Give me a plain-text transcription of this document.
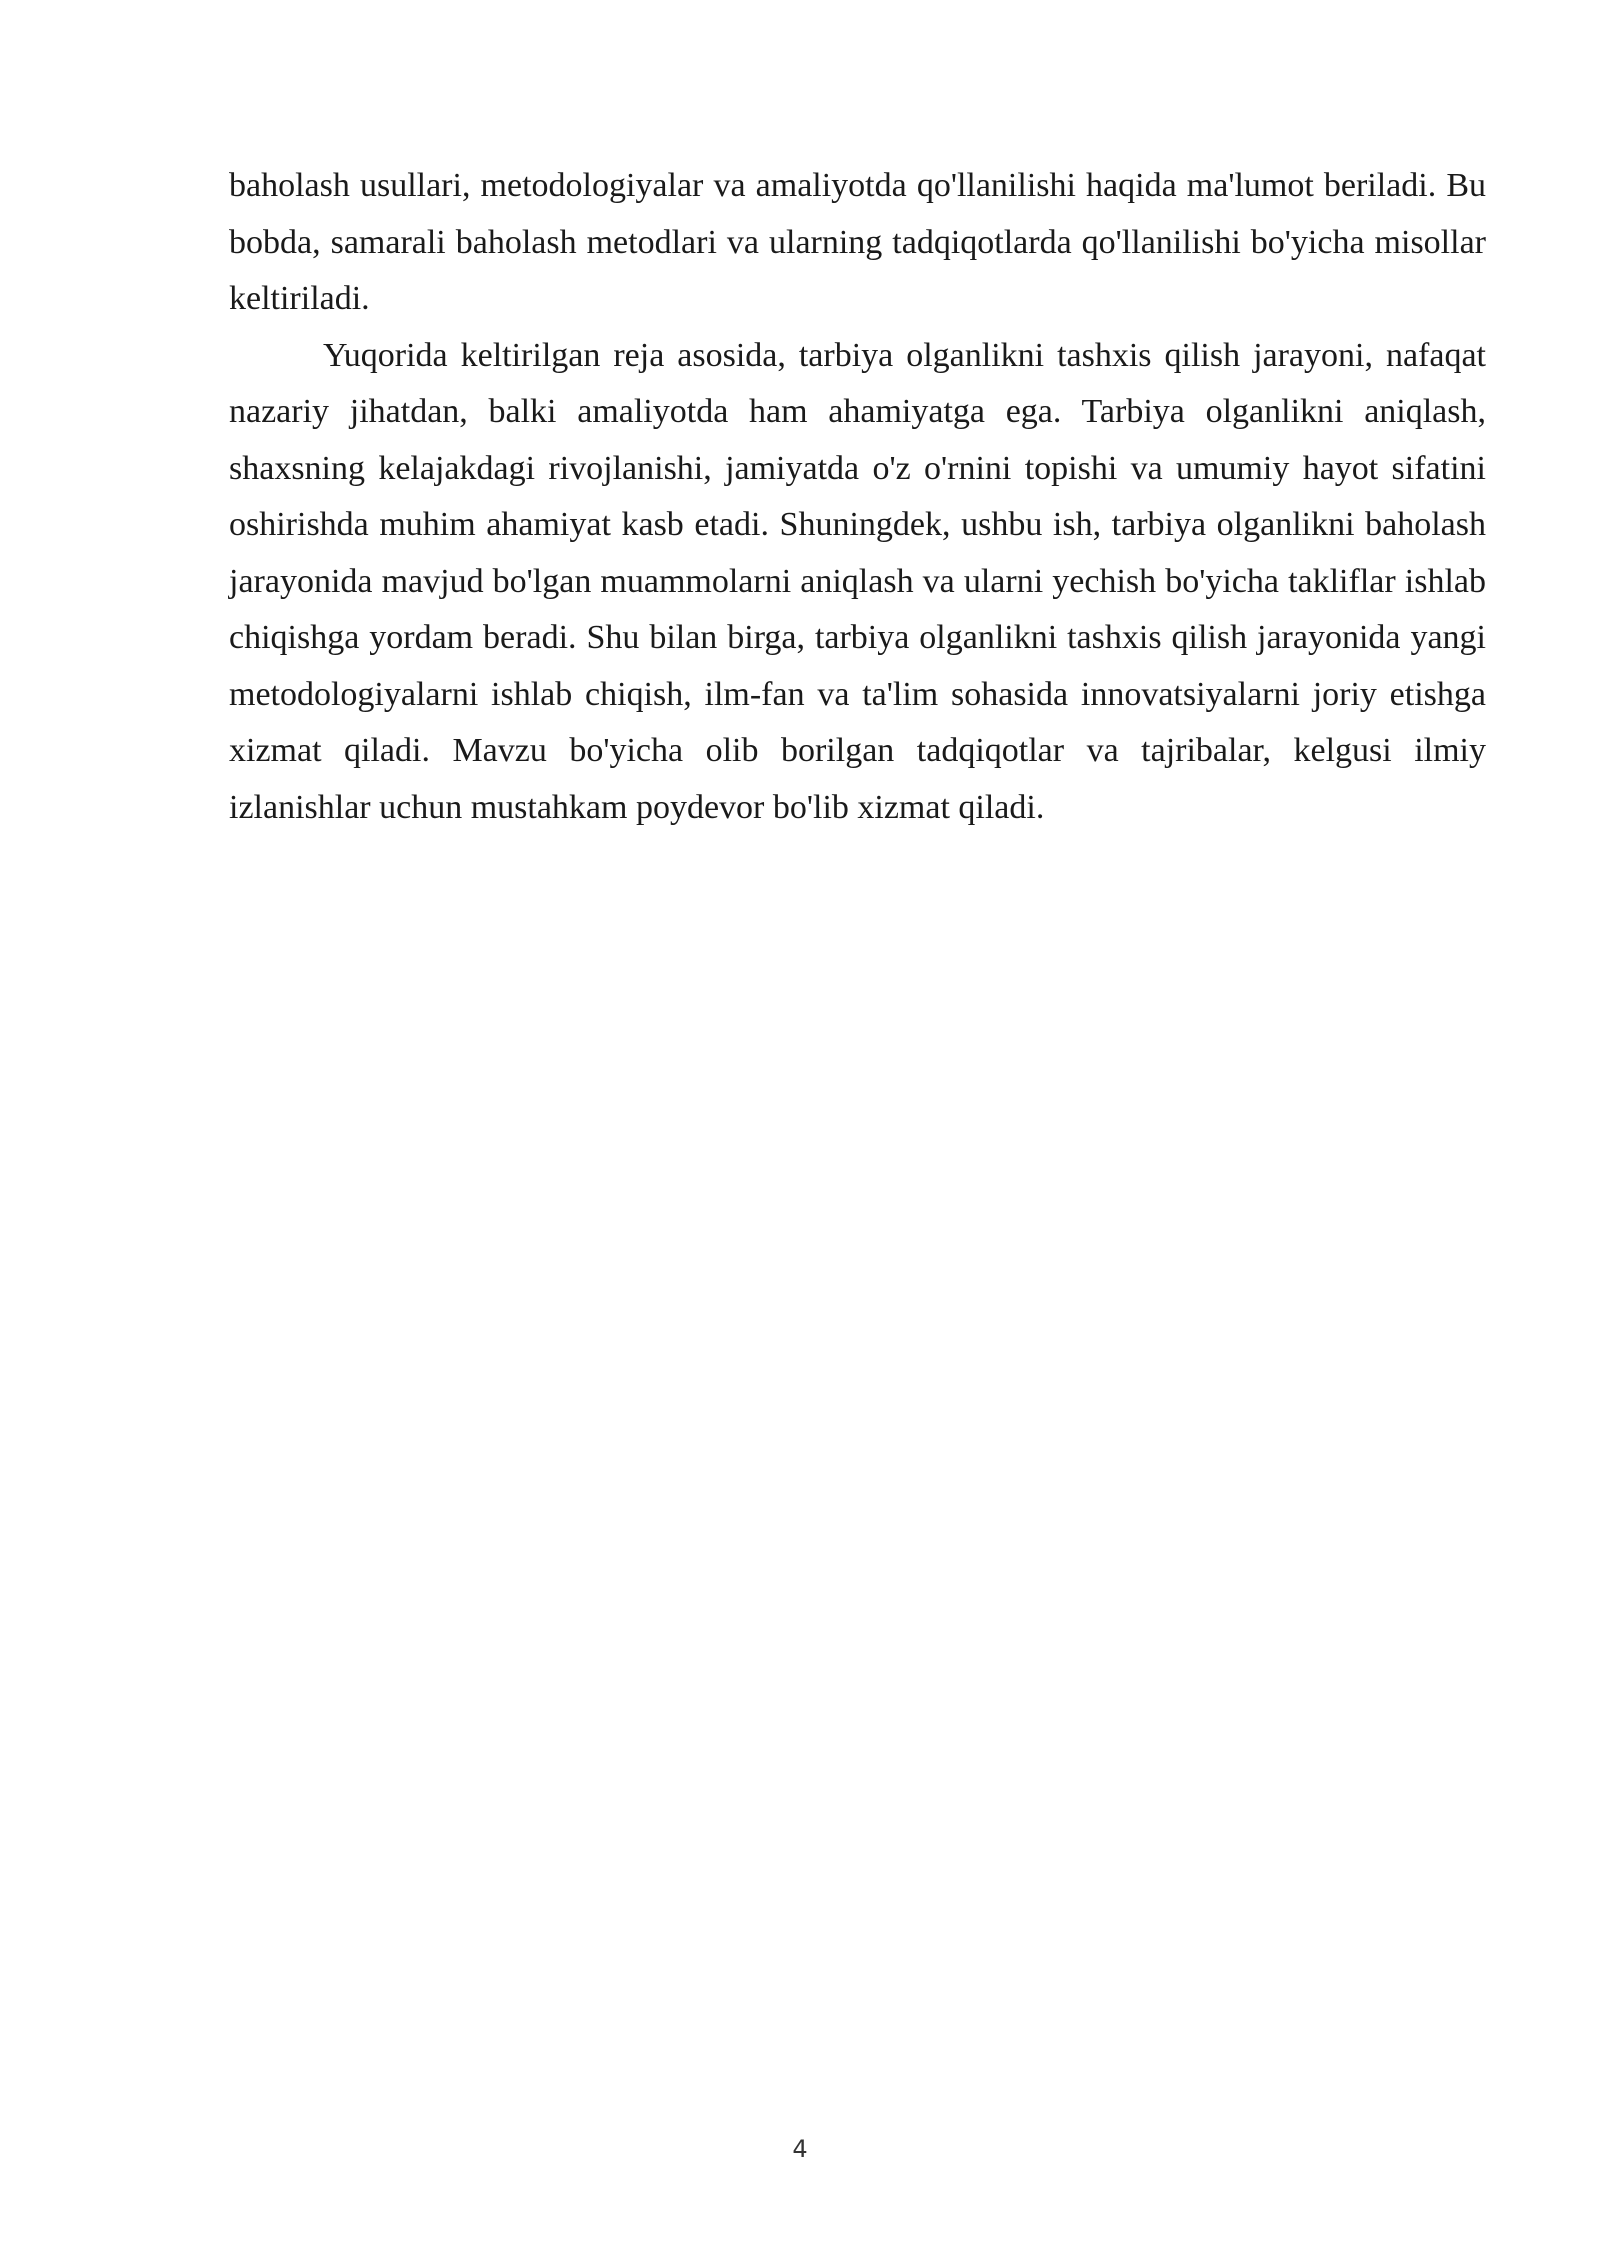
baholash usullari, metodologiyalar va amaliyotda qo'llanilishi haqida ma'lumot beriladi. Bu bobda, samarali baholash metodlari va ularning tadqiqotlarda qo'llanilishi bo'yicha misollar keltiriladi.

Yuqorida keltirilgan reja asosida, tarbiya olganlikni tashxis qilish jarayoni, nafaqat nazariy jihatdan, balki amaliyotda ham ahamiyatga ega. Tarbiya olganlikni aniqlash, shaxsning kelajakdagi rivojlanishi, jamiyatda o'z o'rnini topishi va umumiy hayot sifatini oshirishda muhim ahamiyat kasb etadi. Shuningdek, ushbu ish, tarbiya olganlikni baholash jarayonida mavjud bo'lgan muammolarni aniqlash va ularni yechish bo'yicha takliflar ishlab chiqishga yordam beradi. Shu bilan birga, tarbiya olganlikni tashxis qilish jarayonida yangi metodologiyalarni ishlab chiqish, ilm-fan va ta'lim sohasida innovatsiyalarni joriy etishga xizmat qiladi. Mavzu bo'yicha olib borilgan tadqiqotlar va tajribalar, kelgusi ilmiy izlanishlar uchun mustahkam poydevor bo'lib xizmat qiladi.

4
